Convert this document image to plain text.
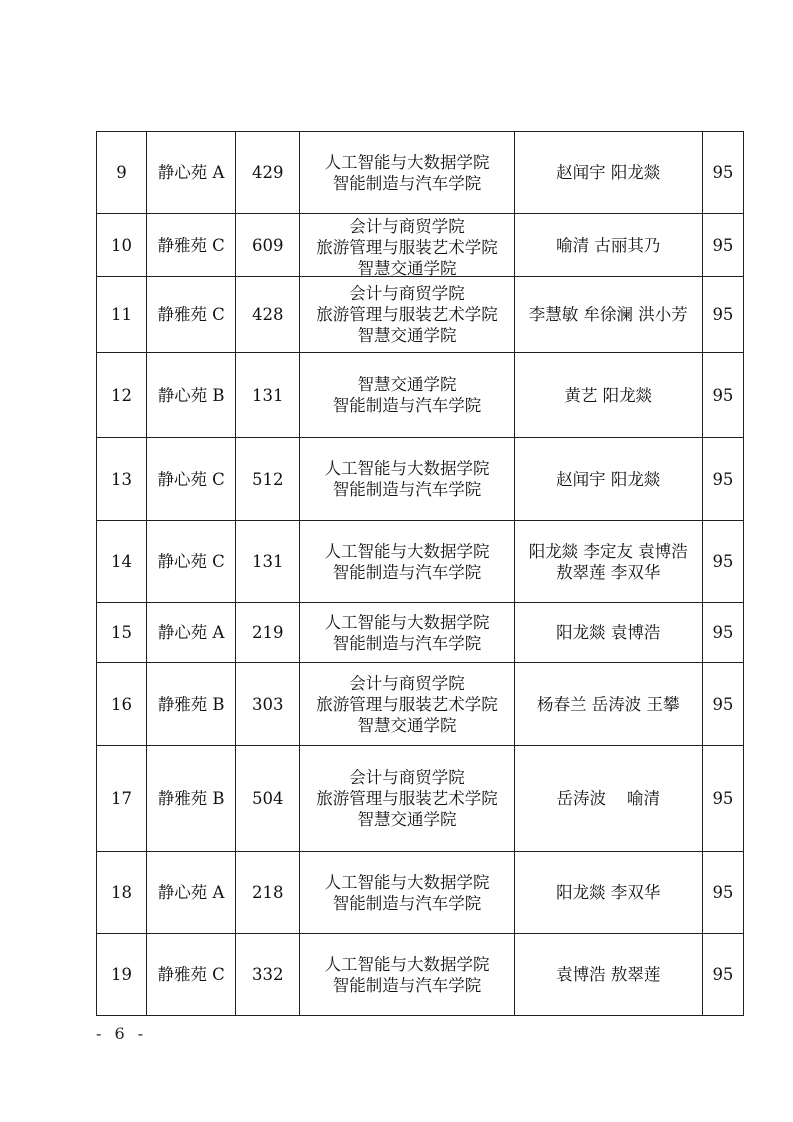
9	静心苑 A	429	人工智能与大数据学院
智能制造与汽车学院	赵闻宇 阳龙燚	95
10	静雅苑 C	609	会计与商贸学院
旅游管理与服装艺术学院
智慧交通学院	喻清 古丽其乃	95
11	静雅苑 C	428	会计与商贸学院
旅游管理与服装艺术学院
智慧交通学院	李慧敏 牟徐澜 洪小芳	95
12	静心苑 B	131	智慧交通学院
智能制造与汽车学院	黄艺 阳龙燚	95
13	静心苑 C	512	人工智能与大数据学院
智能制造与汽车学院	赵闻宇 阳龙燚	95
14	静心苑 C	131	人工智能与大数据学院
智能制造与汽车学院	阳龙燚 李定友 袁博浩
敖翠莲 李双华	95
15	静心苑 A	219	人工智能与大数据学院
智能制造与汽车学院	阳龙燚 袁博浩	95
16	静雅苑 B	303	会计与商贸学院
旅游管理与服装艺术学院
智慧交通学院	杨春兰 岳涛波 王攀	95
17	静雅苑 B	504	会计与商贸学院
旅游管理与服装艺术学院
智慧交通学院	岳涛波    喻清	95
18	静心苑 A	218	人工智能与大数据学院
智能制造与汽车学院	阳龙燚 李双华	95
19	静雅苑 C	332	人工智能与大数据学院
智能制造与汽车学院	袁博浩 敖翠莲	95
- 6 -
